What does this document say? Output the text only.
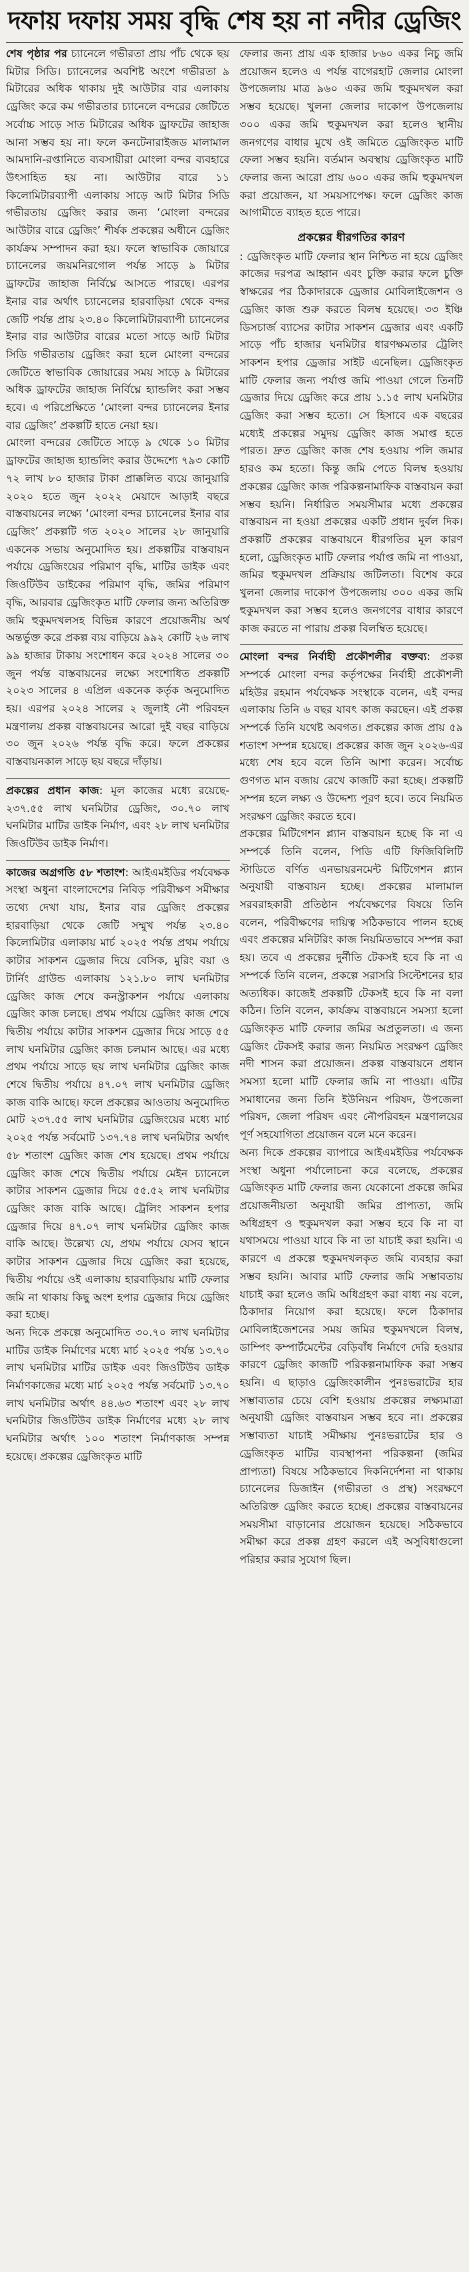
দফায় দফায় সময় বৃদ্ধি শেষ হয় না নদীর ড্রেজিং

শেষ পৃষ্ঠার পর চ্যানেলে গভীরতা প্রায় পাঁচ থেকে ছয় মিটার সিডি। চ্যানেলের অবশিষ্ট অংশে গভীরতা ৯ মিটারের অধিক থাকায় দুই আউটার বার এলাকায় ড্রেজিং করে কম গভীরতার চ্যানেলে বন্দরের জেটিতে সর্বোচ্চ সাড়ে সাত মিটারের অধিক ড্রাফটের জাহাজ আনা সম্ভব হয় না। ফলে কনটেনারাইজড মালামাল আমদানি-রপ্তানিতে ব্যবসায়ীরা মোংলা বন্দর ব্যবহারে উৎসাহিত হয় না। আউটার বারে ১১ কিলোমিটারব্যাপী এলাকায় সাড়ে আট মিটার সিডি গভীরতায় ড্রেজিং করার জন্য ‘মোংলা বন্দরের আউটার বারে ড্রেজিং’ শীর্ষক প্রকল্পের অধীনে ড্রেজিং কার্যক্রম সম্পাদন করা হয়। ফলে স্বাভাবিক জোয়ারে চ্যানেলের জয়মনিরগোল পর্যন্ত সাড়ে ৯ মিটার ড্রাফটের জাহাজ নির্বিঘ্নে আসতে পারছে। এরপর ইনার বার অর্থাৎ চ্যানেলের হারবাড়িয়া থেকে বন্দর জেটি পর্যন্ত প্রায় ২৩.৪০ কিলোমিটারব্যাপী চ্যানেলের ইনার বার আউটার বারের মতো সাড়ে আট মিটার সিডি গভীরতায় ড্রেজিং করা হলে মোংলা বন্দরের জেটিতে স্বাভাবিক জোয়ারের সময় সাড়ে ৯ মিটারের অধিক ড্রাফটের জাহাজ নির্বিঘ্নে হ্যান্ডলিং করা সম্ভব হবে। এ পরিপ্রেক্ষিতে ‘মোংলা বন্দর চ্যানেলের ইনার বার ড্রেজিং’ প্রকল্পটি হাতে নেয়া হয়।

মোংলা বন্দরের জেটিতে সাড়ে ৯ থেকে ১০ মিটার ড্রাফটের জাহাজ হ্যান্ডলিং করার উদ্দেশ্যে ৭৯৩ কোটি ৭২ লাখ ৮০ হাজার টাকা প্রাক্কলিত ব্যয়ে জানুয়ারি ২০২০ হতে জুন ২০২২ মেয়াদে আড়াই বছরে বাস্তবায়নের লক্ষ্যে ‘মোংলা বন্দর চ্যানেলের ইনার বার ড্রেজিং’ প্রকল্পটি গত ২০২০ সালের ২৮ জানুয়ারি একনেক সভায় অনুমোদিত হয়। প্রকল্পটির বাস্তবায়ন পর্যায়ে ড্রেজিংয়ের পরিমাণ বৃদ্ধি, মাটির ডাইক এবং জিওটিউব ডাইকের পরিমাণ বৃদ্ধি, জমির পরিমাণ বৃদ্ধি, আরবার ড্রেজিংকৃত মাটি ফেলার জন্য অতিরিক্ত জমি হুকুমদখলসহ বিভিন্ন কারণে প্রয়োজনীয় অর্থ অন্তর্ভুক্ত করে প্রকল্প ব্যয় বাড়িয়ে ৯৯২ কোটি ২৬ লাখ ৯৯ হাজার টাকায় সংশোধন করে ২০২৪ সালের ৩০ জুন পর্যন্ত বাস্তবায়নের লক্ষ্যে সংশোধিত প্রকল্পটি ২০২৩ সালের ৪ এপ্রিল একনেক কর্তৃক অনুমোদিত হয়। এরপর ২০২৪ সালের ২ জুলাই নৌ পরিবহন মন্ত্রণালয় প্রকল্প বাস্তবায়নের আরো দুই বছর বাড়িয়ে ৩০ জুন ২০২৬ পর্যন্ত বৃদ্ধি করে। ফলে প্রকল্পের বাস্তবায়নকাল সাড়ে ছয় বছরে দাঁড়ায়।

প্রকল্পের প্রধান কাজ: মূল কাজের মধ্যে রয়েছে- ২৩৭.৫৫ লাখ ঘনমিটার ড্রেজিং, ৩০.৭০ লাখ ঘনমিটার মাটির ডাইক নির্মাণ, এবং ২৮ লাখ ঘনমিটার জিওটিউব ডাইক নির্মাণ।

কাজের অগ্রগতি ৫৮ শতাংশ: আইএমইডির পর্যবেক্ষক সংস্থা অধুনা বাংলাদেশের নিবিড় পরিবীক্ষণ সমীক্ষার তথ্যে দেখা যায়, ইনার বার ড্রেজিং প্রকল্পের হারবাড়িয়া থেকে জেটি সম্মুখ পর্যন্ত ২৩.৪০ কিলোমিটার এলাকায় মার্চ ২০২৫ পর্যন্ত প্রথম পর্যায়ে কাটার সাকশন ড্রেজার দিয়ে বেসিক, মুরিং বয়া ও টার্নিং গ্রাউন্ড এলাকায় ১২১.৮০ লাখ ঘনমিটার ড্রেজিং কাজ শেষে কনস্ট্রাকশন পর্যায়ে এলাকায় ড্রেজিং কাজ চলছে। প্রথম পর্যায়ে ড্রেজিং কাজ শেষে দ্বিতীয় পর্যায়ে কাটার সাকশন ড্রেজার দিয়ে সাড়ে ৫৫ লাখ ঘনমিটার ড্রেজিং কাজ চলমান আছে। এর মধ্যে প্রথম পর্যায়ে সাড়ে ছয় লাখ ঘনমিটার ড্রেজিং কাজ শেষে দ্বিতীয় পর্যায়ে ৪৭.০৭ লাখ ঘনমিটার ড্রেজিং কাজ বাকি আছে। ফলে প্রকল্পের আওতায় অনুমোদিত মোট ২৩৭.৫৫ লাখ ঘনমিটার ড্রেজিংয়ের মধ্যে মার্চ ২০২৫ পর্যন্ত সর্বমোট ১৩৭.৭৪ লাখ ঘনমিটার অর্থাৎ ৫৮ শতাংশ ড্রেজিং কাজ শেষ হয়েছে। প্রথম পর্যায়ে ড্রেজিং কাজ শেষে দ্বিতীয় পর্যায়ে মেইন চ্যানেলে কাটার সাকশন ড্রেজার দিয়ে ৫৫.৫২ লাখ ঘনমিটার ড্রেজিং কাজ বাকি আছে। ট্রেলিং সাকশন হপার ড্রেজার দিয়ে ৪৭.০৭ লাখ ঘনমিটার ড্রেজিং কাজ বাকি আছে। উল্লেখ্য যে, প্রথম পর্যায়ে যেসব স্থানে কাটার সাকশন ড্রেজার দিয়ে ড্রেজিং করা হয়েছে, দ্বিতীয় পর্যায়ে ওই এলাকায় হারবাড়িয়ায় মাটি ফেলার জমি না থাকায় কিছু অংশ হপার ড্রেজার দিয়ে ড্রেজিং করা হচ্ছে।

অন্য দিকে প্রকল্পে অনুমোদিত ৩০.৭০ লাখ ঘনমিটার মাটির ডাইক নির্মাণের মধ্যে মার্চ ২০২৫ পর্যন্ত ১৩.৭০ লাখ ঘনমিটার মাটির ডাইক এবং জিওটিউব ডাইক নির্মাণকাজের মধ্যে মার্চ ২০২৫ পর্যন্ত সর্বমোট ১৩.৭০ লাখ ঘনমিটার অর্থাৎ ৪৪.৬৩ শতাংশ এবং ২৮ লাখ ঘনমিটার জিওটিউব ডাইক নির্মাণের মধ্যে ২৮ লাখ ঘনমিটার অর্থাৎ ১০০ শতাংশ নির্মাণকাজ সম্পন্ন হয়েছে। প্রকল্পের ড্রেজিংকৃত মাটি

ফেলার জন্য প্রায় এক হাজার ৮৬০ একর নিচু জমি প্রয়োজন হলেও এ পর্যন্ত বাগেরহাট জেলার মোংলা উপজেলায় মাত্র ৯৬০ একর জমি হুকুমদখল করা সম্ভব হয়েছে। খুলনা জেলার দাকোপ উপজেলায় ৩০০ একর জমি হুকুমদখল করা হলেও স্থানীয় জনগণের বাধার মুখে ওই জমিতে ড্রেজিংকৃত মাটি ফেলা সম্ভব হয়নি। বর্তমান অবস্থায় ড্রেজিংকৃত মাটি ফেলার জন্য আরো প্রায় ৬০০ একর জমি হুকুমদখল করা প্রয়োজন, যা সময়সাপেক্ষ। ফলে ড্রেজিং কাজ আগামীতে ব্যাহত হতে পারে।

প্রকল্পের ধীরগতির কারণ

: ড্রেজিংকৃত মাটি ফেলার স্থান নিশ্চিত না হয়ে ড্রেজিং কাজের দরপত্র আহ্বান এবং চুক্তি করার ফলে চুক্তি স্বাক্ষরের পর ঠিকাদারকে ড্রেজার মোবিলাইজেশন ও ড্রেজিং কাজ শুরু করতে বিলম্ব হয়েছে। ৩৩ ইঞ্চি ডিসচার্জ ব্যাসের কাটার সাকশন ড্রেজার এবং একটি সাড়ে পাঁচ হাজার ঘনমিটার ধারণক্ষমতার ট্রেলিং সাকশন হপার ড্রেজার সাইট এনেছিল। ড্রেজিংকৃত মাটি ফেলার জন্য পর্যাপ্ত জমি পাওয়া গেলে তিনটি ড্রেজার দিয়ে ড্রেজিং করে প্রায় ১.১৫ লাখ ঘনমিটার ড্রেজিং করা সম্ভব হতো। সে হিসাবে এক বছরের মধ্যেই প্রকল্পের সমুদয় ড্রেজিং কাজ সমাপ্ত হতে পারত। দ্রুত ড্রেজিং কাজ শেষ হওয়ায় পলি জমার হারও কম হতো। কিন্তু জমি পেতে বিলম্ব হওয়ায় প্রকল্পের ড্রেজিং কাজ পরিকল্পনামাফিক বাস্তবায়ন করা সম্ভব হয়নি। নির্ধারিত সময়সীমার মধ্যে প্রকল্পের বাস্তবায়ন না হওয়া প্রকল্পের একটি প্রধান দুর্বল দিক। প্রকল্পটি প্রকল্পের বাস্তবায়নে ধীরগতির মূল কারণ হলো, ড্রেজিংকৃত মাটি ফেলার পর্যাপ্ত জমি না পাওয়া, জমির হুকুমদখল প্রক্রিয়ায় জটিলতা। বিশেষ করে খুলনা জেলার দাকোপ উপজেলায় ৩০০ একর জমি হুকুমদখল করা সম্ভব হলেও জনগণের বাধার কারণে কাজ করতে না পারায় প্রকল্প বিলম্বিত হয়েছে।

মোংলা বন্দর নির্বাহী প্রকৌশলীর বক্তব্য: প্রকল্প সম্পর্কে মোংলা বন্দর কর্তৃপক্ষের নির্বাহী প্রকৌশলী মহিউর রহমান পর্যবেক্ষক সংস্থাকে বলেন, এই বন্দর এলাকায় তিনি ৬ বছর যাবৎ কাজ করছেন। এই প্রকল্প সম্পর্কে তিনি যথেষ্ট অবগত। প্রকল্পের কাজ প্রায় ৫৯ শতাংশ সম্পন্ন হয়েছে। প্রকল্পের কাজ জুন ২০২৬-এর মধ্যে শেষ হবে বলে তিনি আশা করেন। সর্বোচ্চ গুণগত মান বজায় রেখে কাজটি করা হচ্ছে। প্রকল্পটি সম্পন্ন হলে লক্ষ্য ও উদ্দেশ্য পূরণ হবে। তবে নিয়মিত সংরক্ষণ ড্রেজিং করতে হবে।

প্রকল্পের মিটিগেশন প্ল্যান বাস্তবায়ন হচ্ছে কি না এ সম্পর্কে তিনি বলেন, পিডি এটি ফিজিবিলিটি স্টাডিতে বর্ণিত এনভায়রনমেন্ট মিটিগেশন প্ল্যান অনুযায়ী বাস্তবায়ন হচ্ছে। প্রকল্পের মালামাল সরবরাহকারী প্রতিষ্ঠান পর্যবেক্ষণের বিষয়ে তিনি বলেন, পরিবীক্ষণের দায়িত্ব সঠিকভাবে পালন হচ্ছে এবং প্রকল্পের মনিটরিং কাজ নিয়মিতভাবে সম্পন্ন করা হয়। তবে এ প্রকল্পের দুর্নীতি টেকসই হবে কি না এ সম্পর্কে তিনি বলেন, প্রকল্পে সরাসরি সিল্টেশনের হার অত্যধিক। কাজেই প্রকল্পটি টেকসই হবে কি না বলা কঠিন। তিনি বলেন, কার্যক্রম বাস্তবায়নে সমস্যা হলো ড্রেজিংকৃত মাটি ফেলার জমির অপ্রতুলতা। এ জন্য ড্রেজিং টেকসই করার জন্য নিয়মিত সংরক্ষণ ড্রেজিং নদী শাসন করা প্রয়োজন। প্রকল্প বাস্তবায়নে প্রধান সমস্যা হলো মাটি ফেলার জমি না পাওয়া। এটির সমাধানের জন্য তিনি ইউনিয়ন পরিষদ, উপজেলা পরিষদ, জেলা পরিষদ এবং নৌপরিবহন মন্ত্রণালয়ের পূর্ণ সহযোগিতা প্রয়োজন বলে মনে করেন।

অন্য দিকে প্রকল্পের ব্যাপারে আইএমইডির পর্যবেক্ষক সংস্থা অধুনা পর্যালোচনা করে বলেছে, প্রকল্পের ড্রেজিংকৃত মাটি ফেলার জন্য যেকোনো প্রকল্পে জমির প্রয়োজনীয়তা অনুযায়ী জমির প্রাপ্যতা, জমি অধিগ্রহণ ও হুকুমদখল করা সম্ভব হবে কি না বা যথাসময়ে পাওয়া যাবে কি না তা যাচাই করা হয়নি। এ কারণে এ প্রকল্পে হুকুমদখলকৃত জমি ব্যবহার করা সম্ভব হয়নি। আবার মাটি ফেলার জমি সম্ভাবতায় যাচাই করা হলেও জমি অধিগ্রহণ করা বাধ্য নয় বলে, ঠিকাদার নিয়োগ করা হয়েছে। ফলে ঠিকাদার মোবিলাইজেশনের সময় জমির হুকুমদখলে বিলম্ব, ডাম্পিং কম্পার্টমেন্টের বেড়িবাঁধ নির্মাণে দেরি হওয়ার কারণে ড্রেজিং কাজটি পরিকল্পনামাফিক করা সম্ভব হয়নি। এ ছাড়াও ড্রেজিংকালীন পুনঃভরাটের হার সম্ভাব্যতার চেয়ে বেশি হওয়ায় প্রকল্পের লক্ষ্যমাত্রা অনুযায়ী ড্রেজিং বাস্তবায়ন সম্ভব হবে না। প্রকল্পের সম্ভাব্যতা যাচাই সমীক্ষায় পুনঃভরাটের হার ও ড্রেজিংকৃত মাটির ব্যবস্থাপনা পরিকল্পনা (জমির প্রাপ্যতা) বিষয়ে সঠিকভাবে দিকনির্দেশনা না থাকায় চ্যানেলের ডিজাইন (গভীরতা ও প্রস্থ) সংরক্ষণে অতিরিক্ত ড্রেজিং করতে হচ্ছে। প্রকল্পের বাস্তবায়নের সময়সীমা বাড়ানোর প্রয়োজন হয়েছে। সঠিকভাবে সমীক্ষা করে প্রকল্প গ্রহণ করলে এই অসুবিধাগুলো পরিহার করার সুযোগ ছিল।
